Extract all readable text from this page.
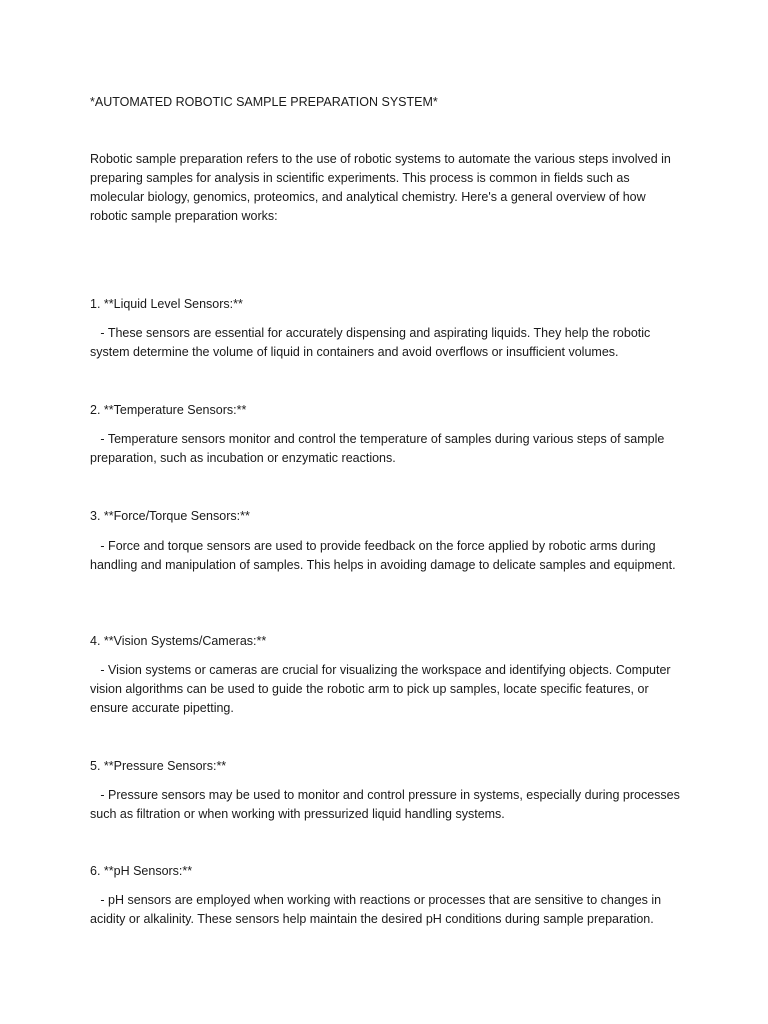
*AUTOMATED ROBOTIC SAMPLE PREPARATION SYSTEM*
Robotic sample preparation refers to the use of robotic systems to automate the various steps involved in preparing samples for analysis in scientific experiments. This process is common in fields such as molecular biology, genomics, proteomics, and analytical chemistry. Here's a general overview of how robotic sample preparation works:
1. **Liquid Level Sensors:**
- These sensors are essential for accurately dispensing and aspirating liquids. They help the robotic system determine the volume of liquid in containers and avoid overflows or insufficient volumes.
2. **Temperature Sensors:**
- Temperature sensors monitor and control the temperature of samples during various steps of sample preparation, such as incubation or enzymatic reactions.
3. **Force/Torque Sensors:**
- Force and torque sensors are used to provide feedback on the force applied by robotic arms during handling and manipulation of samples. This helps in avoiding damage to delicate samples and equipment.
4. **Vision Systems/Cameras:**
- Vision systems or cameras are crucial for visualizing the workspace and identifying objects. Computer vision algorithms can be used to guide the robotic arm to pick up samples, locate specific features, or ensure accurate pipetting.
5. **Pressure Sensors:**
- Pressure sensors may be used to monitor and control pressure in systems, especially during processes such as filtration or when working with pressurized liquid handling systems.
6. **pH Sensors:**
- pH sensors are employed when working with reactions or processes that are sensitive to changes in acidity or alkalinity. These sensors help maintain the desired pH conditions during sample preparation.
